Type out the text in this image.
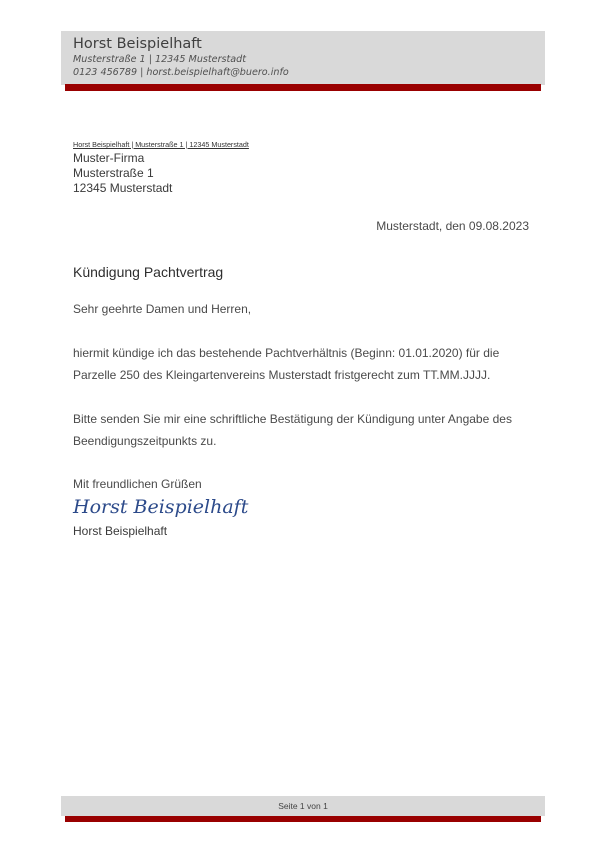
Horst Beispielhaft
Musterstraße 1 | 12345 Musterstadt
0123 456789 | horst.beispielhaft@buero.info
Horst Beispielhaft | Musterstraße 1 | 12345 Musterstadt
Muster-Firma
Musterstraße 1
12345 Musterstadt
Musterstadt, den 09.08.2023
Kündigung Pachtvertrag
Sehr geehrte Damen und Herren,
hiermit kündige ich das bestehende Pachtverhältnis (Beginn: 01.01.2020) für die
Parzelle 250 des Kleingartenvereins Musterstadt fristgerecht zum TT.MM.JJJJ.
Bitte senden Sie mir eine schriftliche Bestätigung der Kündigung unter Angabe des
Beendigungszeitpunkts zu.
Mit freundlichen Grüßen
Horst Beispielhaft
Horst Beispielhaft
Seite 1 von 1
